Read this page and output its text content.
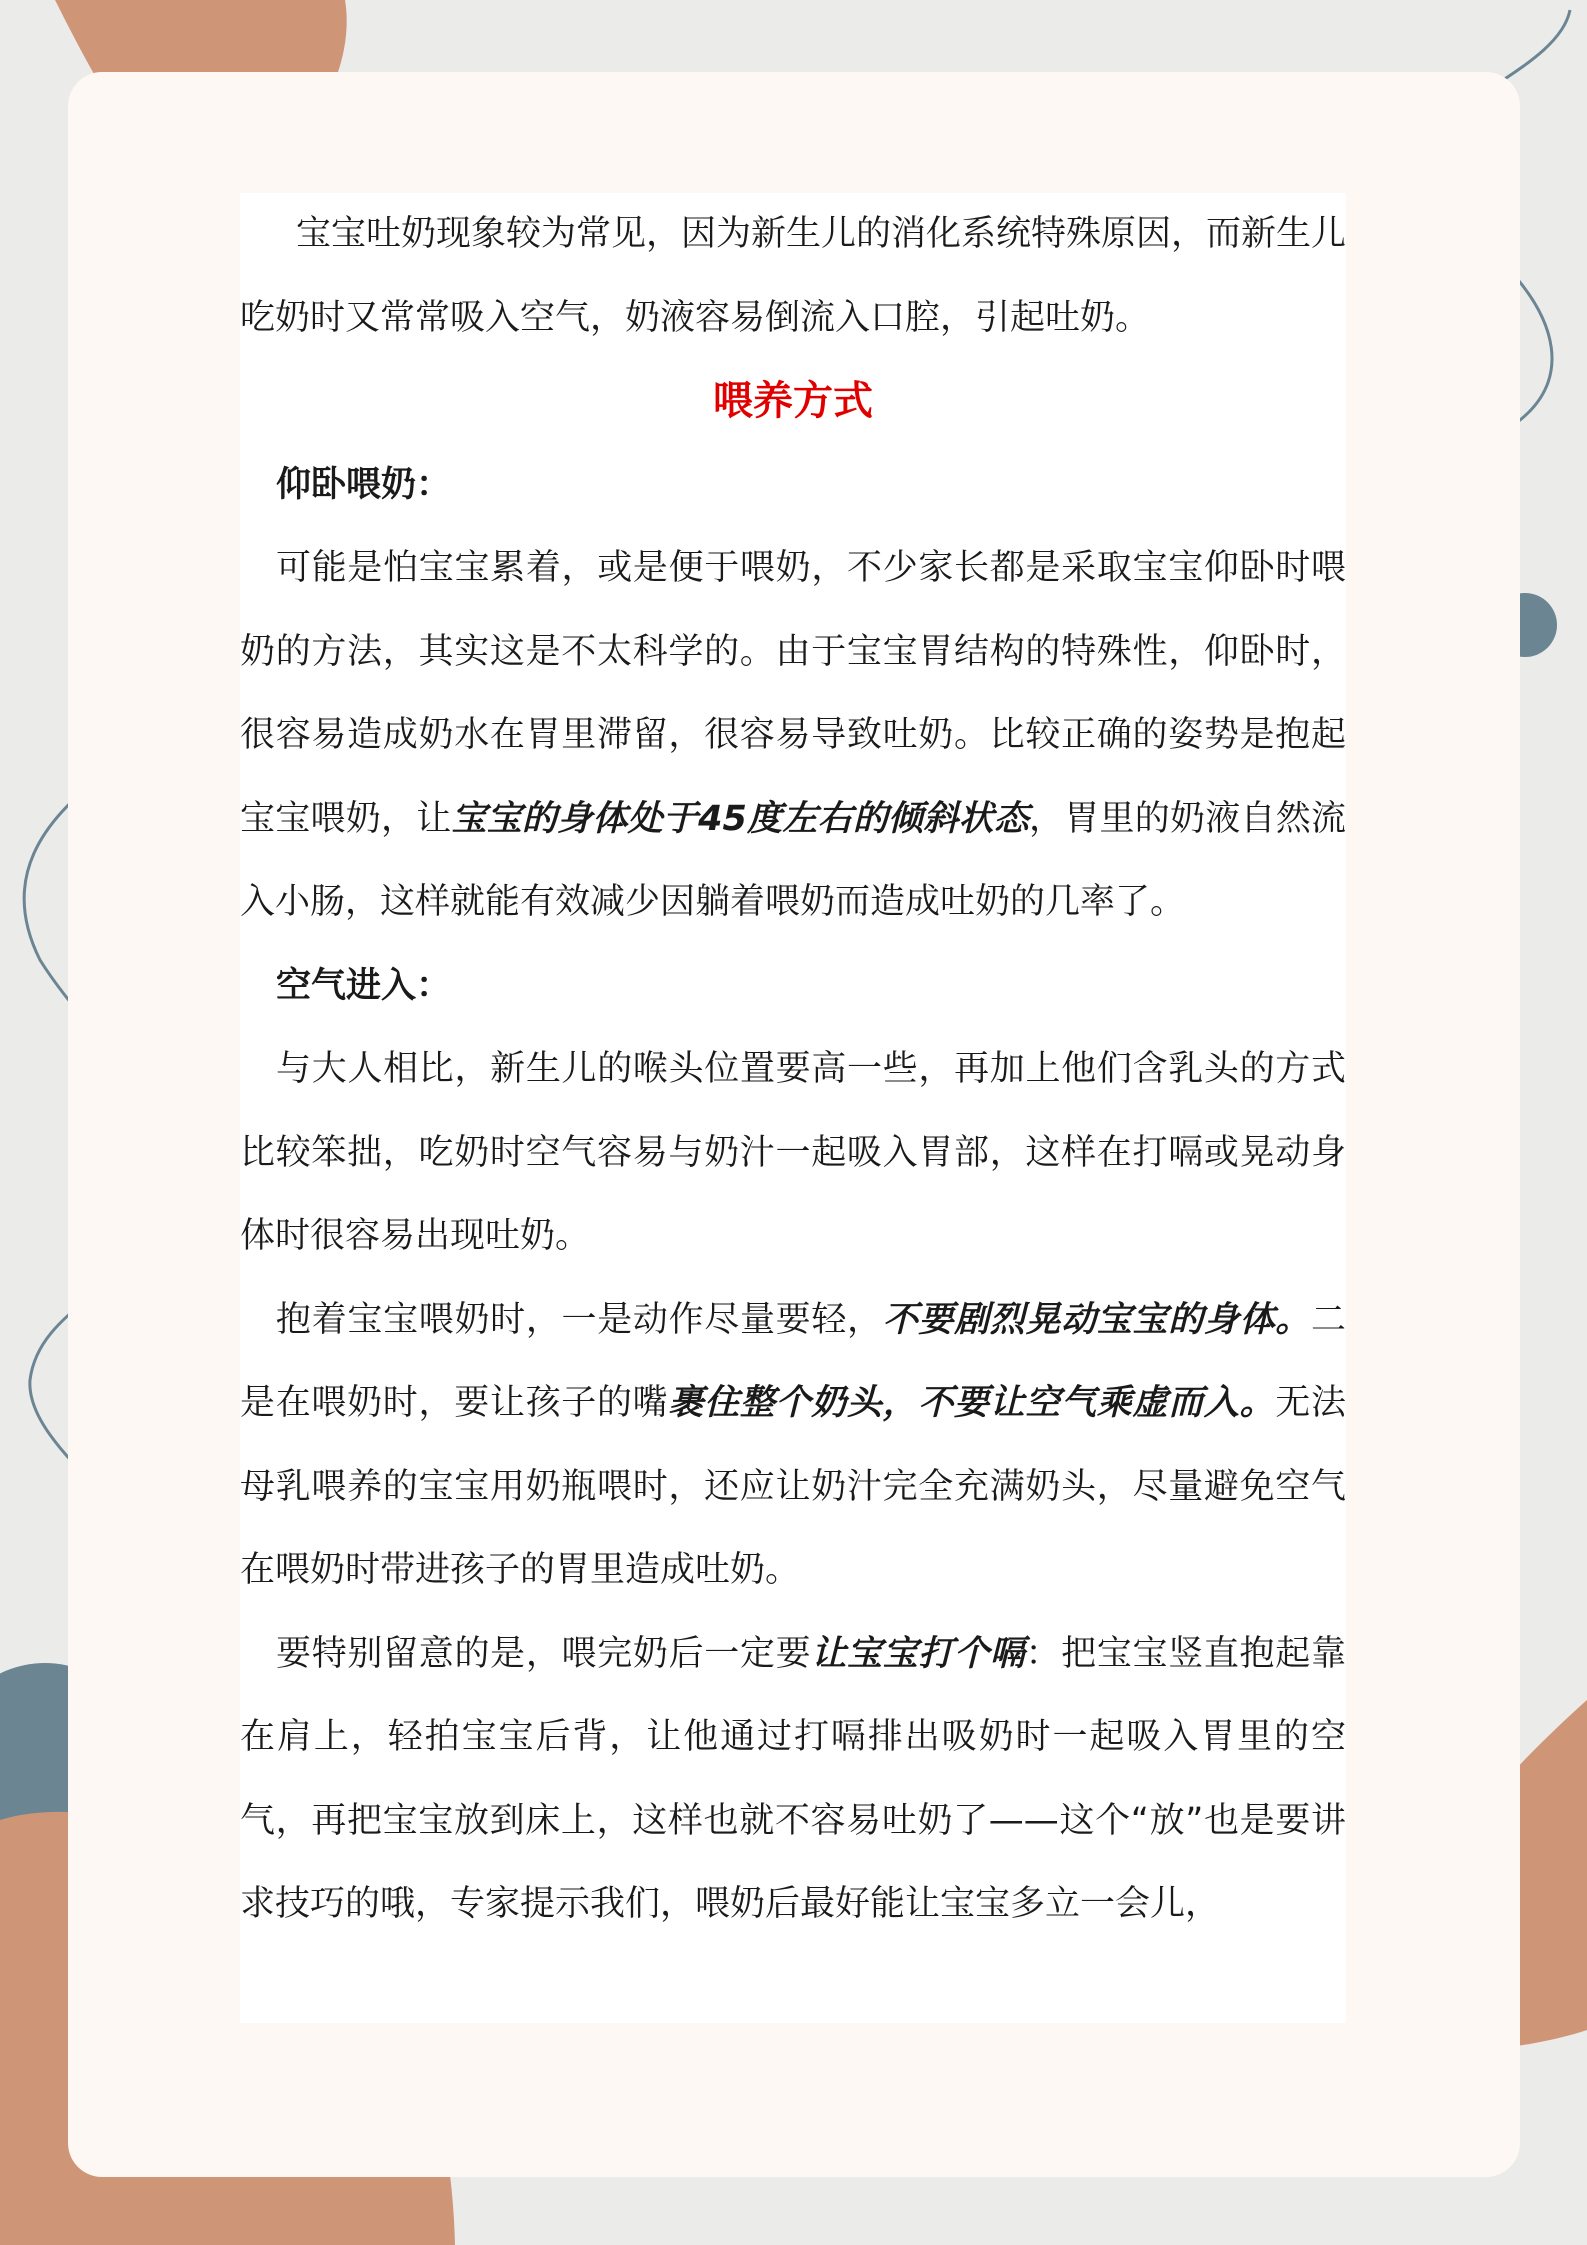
宝宝吐奶现象较为常见，因为新生儿的消化系统特殊原因，而新生儿吃奶时又常常吸入空气，奶液容易倒流入口腔，引起吐奶。

喂养方式

仰卧喂奶：

可能是怕宝宝累着，或是便于喂奶，不少家长都是采取宝宝仰卧时喂奶的方法，其实这是不太科学的。由于宝宝胃结构的特殊性，仰卧时，很容易造成奶水在胃里滞留，很容易导致吐奶。比较正确的姿势是抱起宝宝喂奶，让宝宝的身体处于45度左右的倾斜状态，胃里的奶液自然流入小肠，这样就能有效减少因躺着喂奶而造成吐奶的几率了。

空气进入：

与大人相比，新生儿的喉头位置要高一些，再加上他们含乳头的方式比较笨拙，吃奶时空气容易与奶汁一起吸入胃部，这样在打嗝或晃动身体时很容易出现吐奶。

抱着宝宝喂奶时，一是动作尽量要轻，不要剧烈晃动宝宝的身体。二是在喂奶时，要让孩子的嘴裹住整个奶头，不要让空气乘虚而入。无法母乳喂养的宝宝用奶瓶喂时，还应让奶汁完全充满奶头，尽量避免空气在喂奶时带进孩子的胃里造成吐奶。

要特别留意的是，喂完奶后一定要让宝宝打个嗝：把宝宝竖直抱起靠在肩上，轻拍宝宝后背，让他通过打嗝排出吸奶时一起吸入胃里的空气，再把宝宝放到床上，这样也就不容易吐奶了——这个“放”也是要讲求技巧的哦，专家提示我们，喂奶后最好能让宝宝多立一会儿，
